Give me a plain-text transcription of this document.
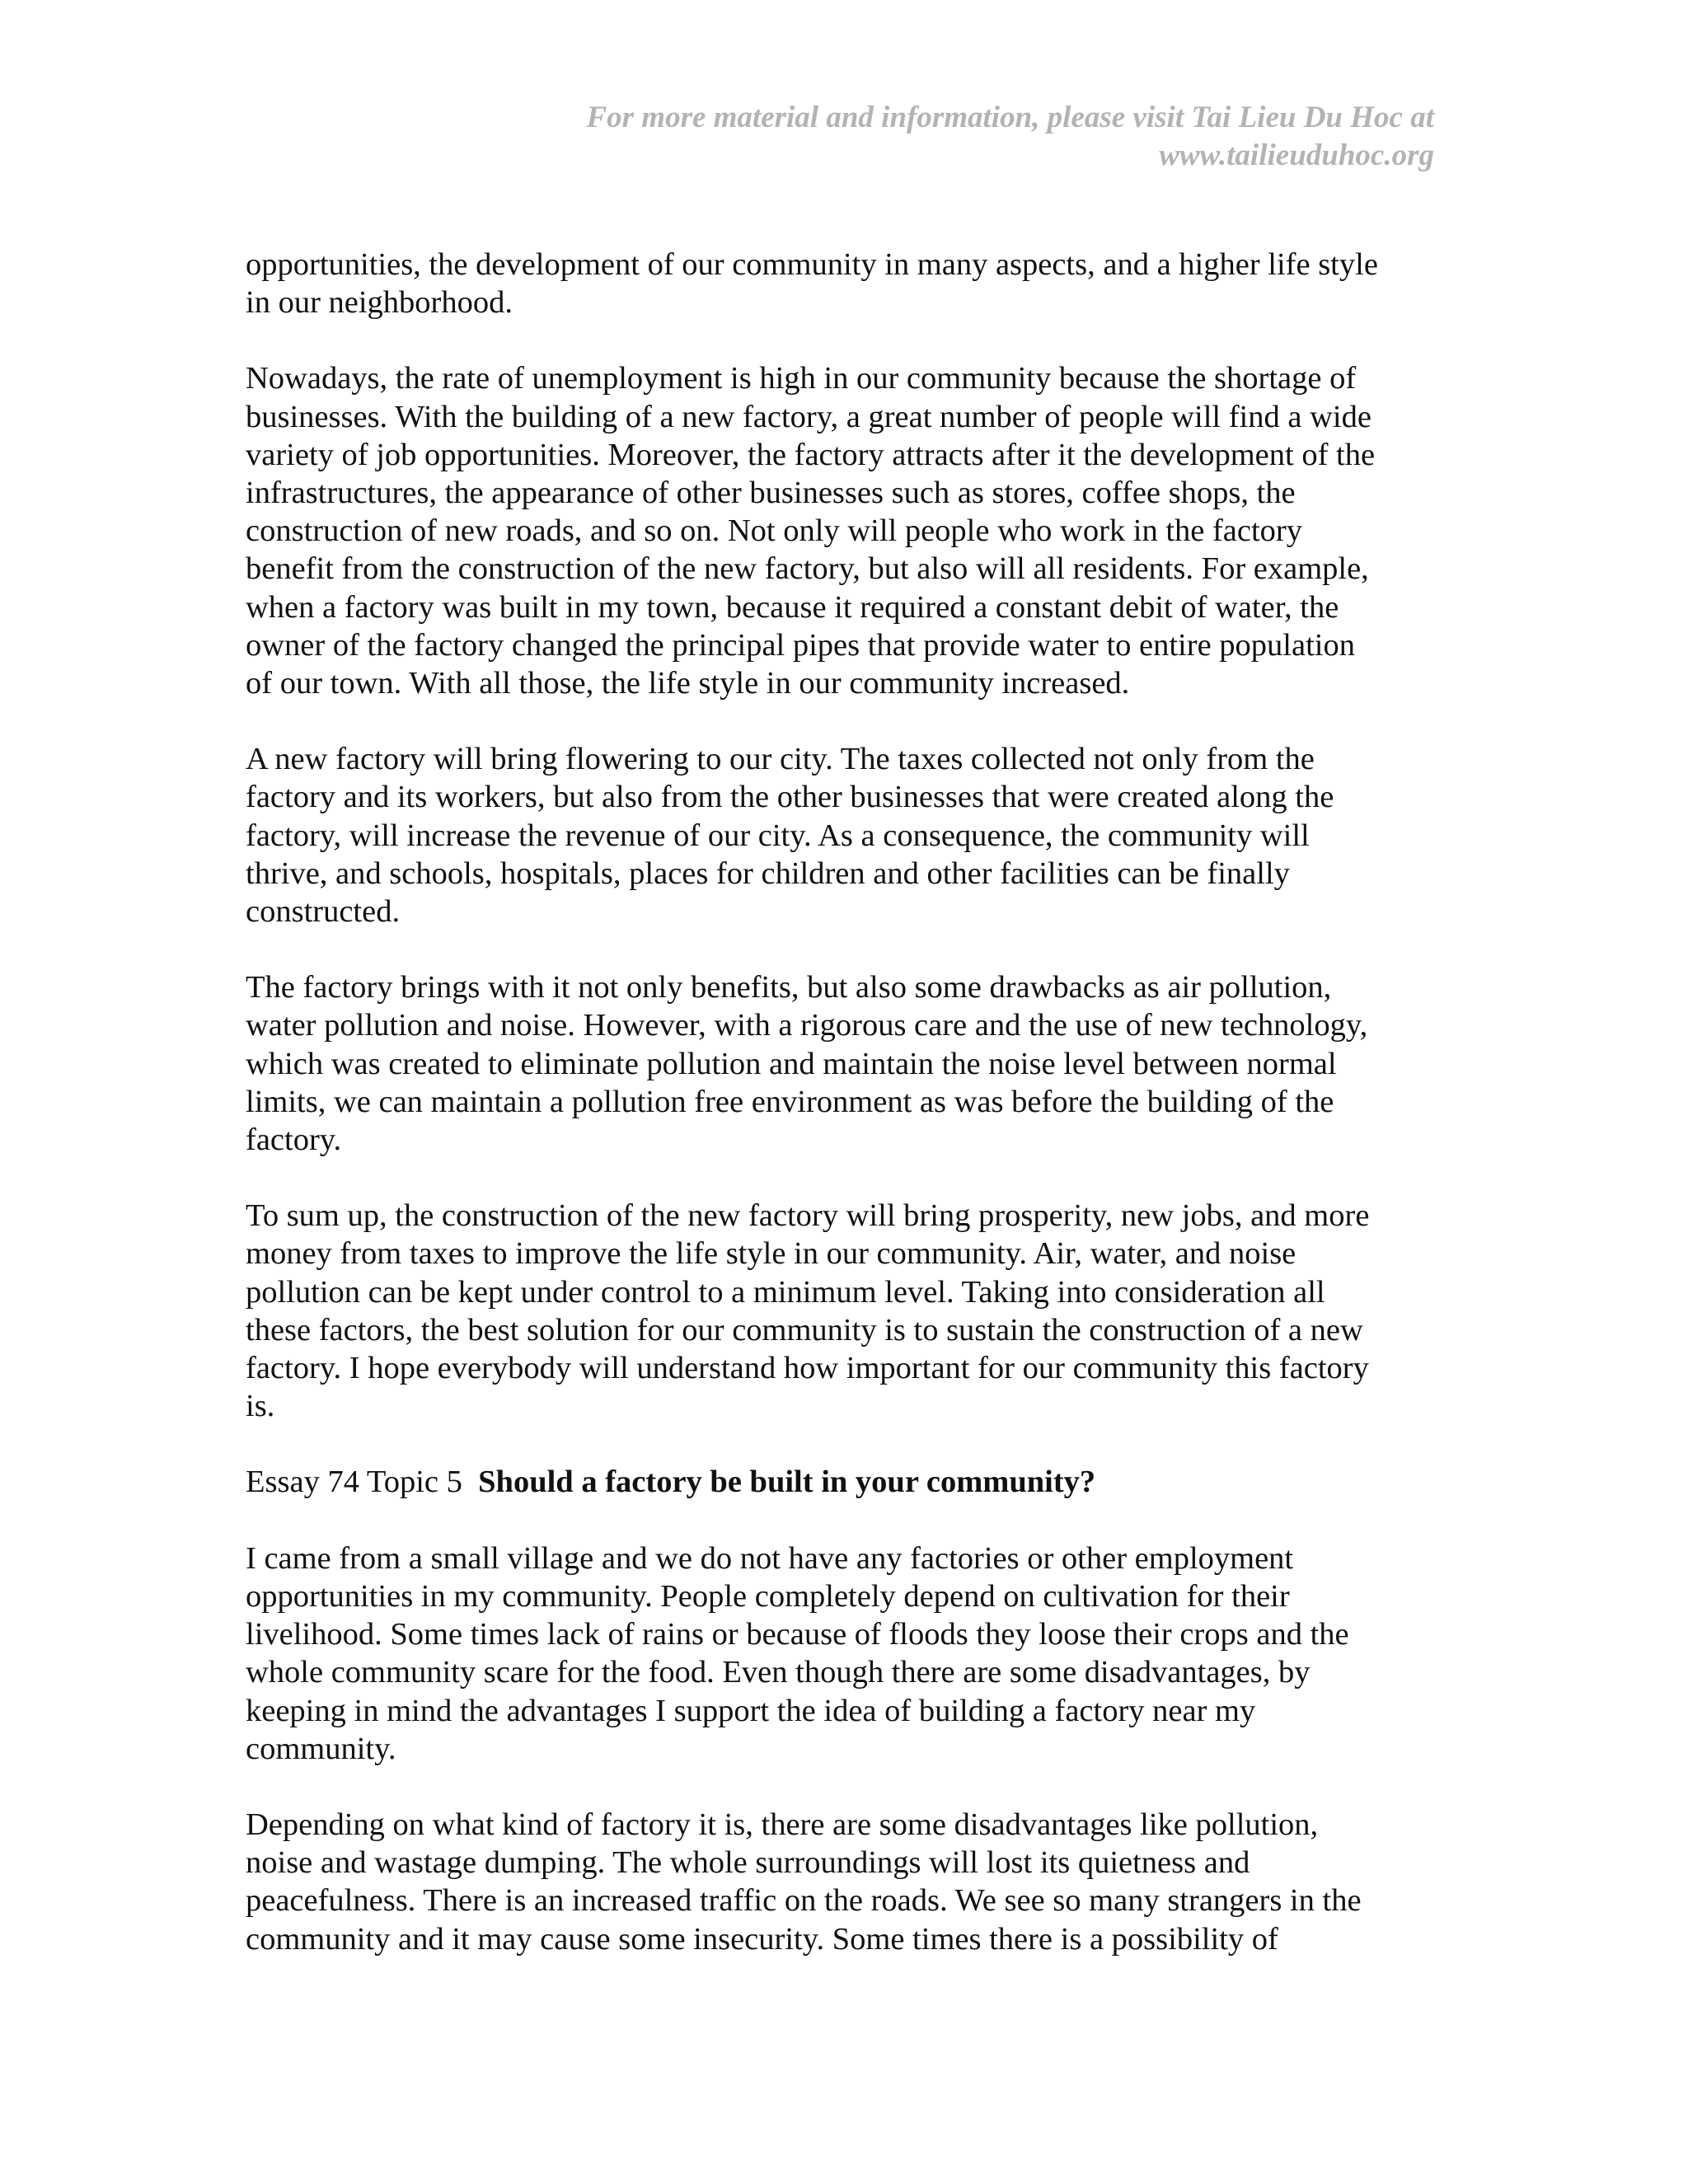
For more material and information, please visit Tai Lieu Du Hoc at
www.tailieuduhoc.org

opportunities, the development of our community in many aspects, and a higher life style
in our neighborhood.

Nowadays, the rate of unemployment is high in our community because the shortage of
businesses. With the building of a new factory, a great number of people will find a wide
variety of job opportunities. Moreover, the factory attracts after it the development of the
infrastructures, the appearance of other businesses such as stores, coffee shops, the
construction of new roads, and so on. Not only will people who work in the factory
benefit from the construction of the new factory, but also will all residents. For example,
when a factory was built in my town, because it required a constant debit of water, the
owner of the factory changed the principal pipes that provide water to entire population
of our town. With all those, the life style in our community increased.

A new factory will bring flowering to our city. The taxes collected not only from the
factory and its workers, but also from the other businesses that were created along the
factory, will increase the revenue of our city. As a consequence, the community will
thrive, and schools, hospitals, places for children and other facilities can be finally
constructed.

The factory brings with it not only benefits, but also some drawbacks as air pollution,
water pollution and noise. However, with a rigorous care and the use of new technology,
which was created to eliminate pollution and maintain the noise level between normal
limits, we can maintain a pollution free environment as was before the building of the
factory.

To sum up, the construction of the new factory will bring prosperity, new jobs, and more
money from taxes to improve the life style in our community. Air, water, and noise
pollution can be kept under control to a minimum level. Taking into consideration all
these factors, the best solution for our community is to sustain the construction of a new
factory. I hope everybody will understand how important for our community this factory
is.

Essay 74 Topic 5 Should a factory be built in your community?

I came from a small village and we do not have any factories or other employment
opportunities in my community. People completely depend on cultivation for their
livelihood. Some times lack of rains or because of floods they loose their crops and the
whole community scare for the food. Even though there are some disadvantages, by
keeping in mind the advantages I support the idea of building a factory near my
community.

Depending on what kind of factory it is, there are some disadvantages like pollution,
noise and wastage dumping. The whole surroundings will lost its quietness and
peacefulness. There is an increased traffic on the roads. We see so many strangers in the
community and it may cause some insecurity. Some times there is a possibility of
